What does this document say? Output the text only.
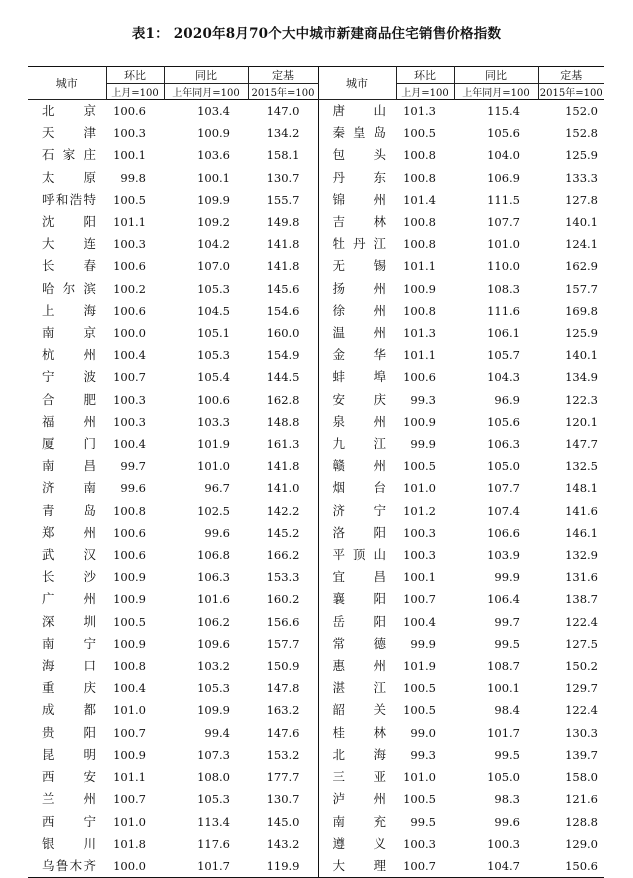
表1： 2020年8月70个大中城市新建商品住宅销售价格指数
城市	环比	同比	定基	城市	环比	同比	定基
	上月=100	上年同月=100	2015年=100		上月=100	上年同月=100	2015年=100
北京	100.6	103.4	147.0	唐山	101.3	115.4	152.0
天津	100.3	100.9	134.2	秦皇岛	100.5	105.6	152.8
石家庄	100.1	103.6	158.1	包头	100.8	104.0	125.9
太原	99.8	100.1	130.7	丹东	100.8	106.9	133.3
呼和浩特	100.5	109.9	155.7	锦州	101.4	111.5	127.8
沈阳	101.1	109.2	149.8	吉林	100.8	107.7	140.1
大连	100.3	104.2	141.8	牡丹江	100.8	101.0	124.1
长春	100.6	107.0	141.8	无锡	101.1	110.0	162.9
哈尔滨	100.2	105.3	145.6	扬州	100.9	108.3	157.7
上海	100.6	104.5	154.6	徐州	100.8	111.6	169.8
南京	100.0	105.1	160.0	温州	101.3	106.1	125.9
杭州	100.4	105.3	154.9	金华	101.1	105.7	140.1
宁波	100.7	105.4	144.5	蚌埠	100.6	104.3	134.9
合肥	100.3	100.6	162.8	安庆	99.3	96.9	122.3
福州	100.3	103.3	148.8	泉州	100.9	105.6	120.1
厦门	100.4	101.9	161.3	九江	99.9	106.3	147.7
南昌	99.7	101.0	141.8	赣州	100.5	105.0	132.5
济南	99.6	96.7	141.0	烟台	101.0	107.7	148.1
青岛	100.8	102.5	142.2	济宁	101.2	107.4	141.6
郑州	100.6	99.6	145.2	洛阳	100.3	106.6	146.1
武汉	100.6	106.8	166.2	平顶山	100.3	103.9	132.9
长沙	100.9	106.3	153.3	宜昌	100.1	99.9	131.6
广州	100.9	101.6	160.2	襄阳	100.7	106.4	138.7
深圳	100.5	106.2	156.6	岳阳	100.4	99.7	122.4
南宁	100.9	109.6	157.7	常德	99.9	99.5	127.5
海口	100.8	103.2	150.9	惠州	101.9	108.7	150.2
重庆	100.4	105.3	147.8	湛江	100.5	100.1	129.7
成都	101.0	109.9	163.2	韶关	100.5	98.4	122.4
贵阳	100.7	99.4	147.6	桂林	99.0	101.7	130.3
昆明	100.9	107.3	153.2	北海	99.3	99.5	139.7
西安	101.1	108.0	177.7	三亚	101.0	105.0	158.0
兰州	100.7	105.3	130.7	泸州	100.5	98.3	121.6
西宁	101.0	113.4	145.0	南充	99.5	99.6	128.8
银川	101.8	117.6	143.2	遵义	100.3	100.3	129.0
乌鲁木齐	100.0	101.7	119.9	大理	100.7	104.7	150.6
